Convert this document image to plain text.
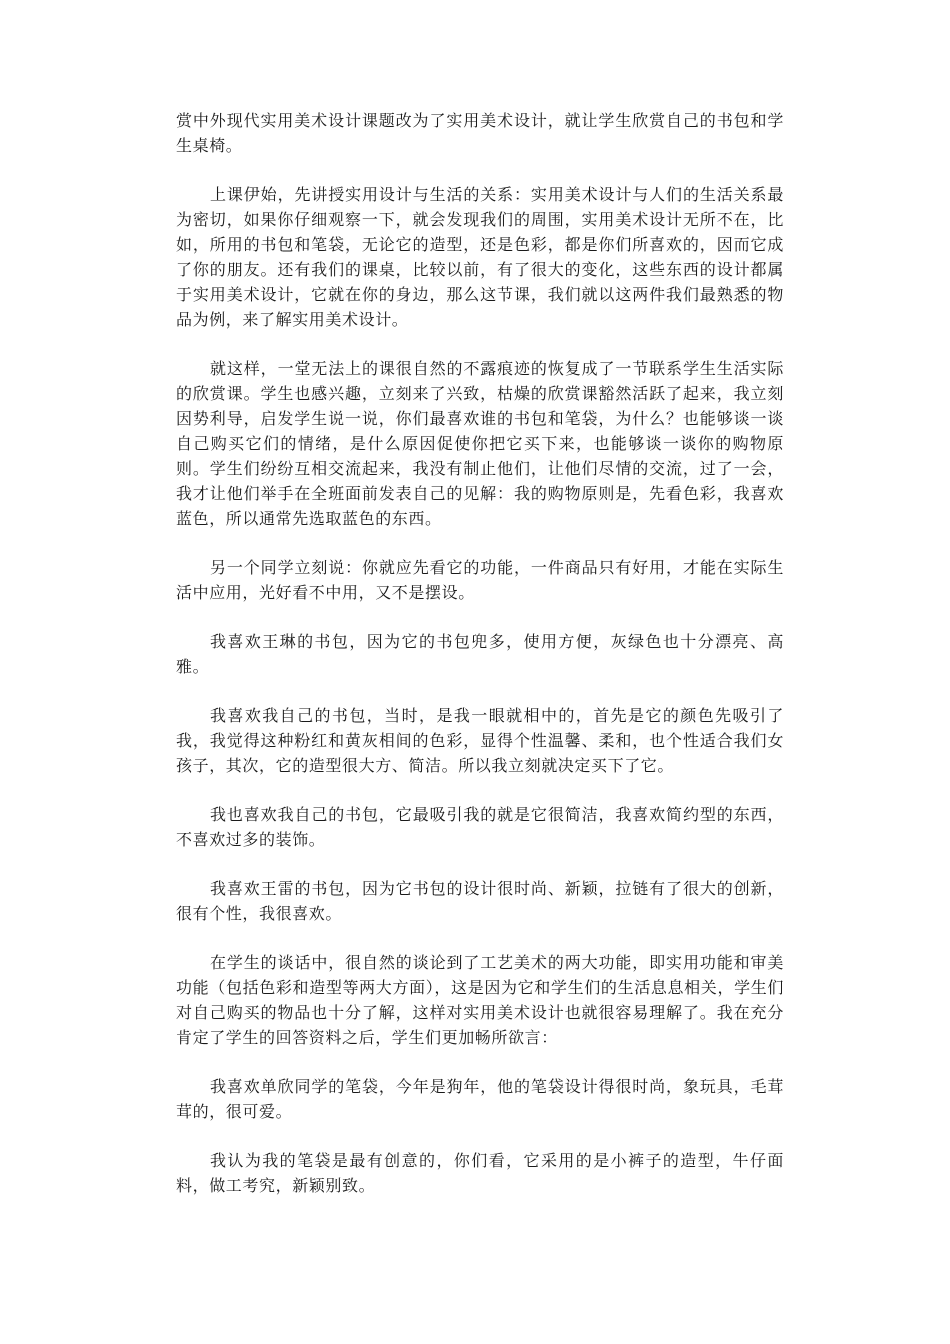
赏中外现代实用美术设计课题改为了实用美术设计，就让学生欣赏自己的书包和学生桌椅。

上课伊始，先讲授实用设计与生活的关系：实用美术设计与人们的生活关系最为密切，如果你仔细观察一下，就会发现我们的周围，实用美术设计无所不在，比如，所用的书包和笔袋，无论它的造型，还是色彩，都是你们所喜欢的，因而它成了你的朋友。还有我们的课桌，比较以前，有了很大的变化，这些东西的设计都属于实用美术设计，它就在你的身边，那么这节课，我们就以这两件我们最熟悉的物品为例，来了解实用美术设计。

就这样，一堂无法上的课很自然的不露痕迹的恢复成了一节联系学生生活实际的欣赏课。学生也感兴趣，立刻来了兴致，枯燥的欣赏课豁然活跃了起来，我立刻因势利导，启发学生说一说，你们最喜欢谁的书包和笔袋，为什么？也能够谈一谈自己购买它们的情绪，是什么原因促使你把它买下来，也能够谈一谈你的购物原则。学生们纷纷互相交流起来，我没有制止他们，让他们尽情的交流，过了一会，我才让他们举手在全班面前发表自己的见解：我的购物原则是，先看色彩，我喜欢蓝色，所以通常先选取蓝色的东西。

另一个同学立刻说：你就应先看它的功能，一件商品只有好用，才能在实际生活中应用，光好看不中用，又不是摆设。

我喜欢王琳的书包，因为它的书包兜多，使用方便，灰绿色也十分漂亮、高雅。

我喜欢我自己的书包，当时，是我一眼就相中的，首先是它的颜色先吸引了我，我觉得这种粉红和黄灰相间的色彩，显得个性温馨、柔和，也个性适合我们女孩子，其次，它的造型很大方、简洁。所以我立刻就决定买下了它。

我也喜欢我自己的书包，它最吸引我的就是它很简洁，我喜欢简约型的东西，不喜欢过多的装饰。

我喜欢王雷的书包，因为它书包的设计很时尚、新颖，拉链有了很大的创新，很有个性，我很喜欢。

在学生的谈话中，很自然的谈论到了工艺美术的两大功能，即实用功能和审美功能（包括色彩和造型等两大方面），这是因为它和学生们的生活息息相关，学生们对自己购买的物品也十分了解，这样对实用美术设计也就很容易理解了。我在充分肯定了学生的回答资料之后，学生们更加畅所欲言：

我喜欢单欣同学的笔袋，今年是狗年，他的笔袋设计得很时尚，象玩具，毛茸茸的，很可爱。

我认为我的笔袋是最有创意的，你们看，它采用的是小裤子的造型，牛仔面料，做工考究，新颖别致。
